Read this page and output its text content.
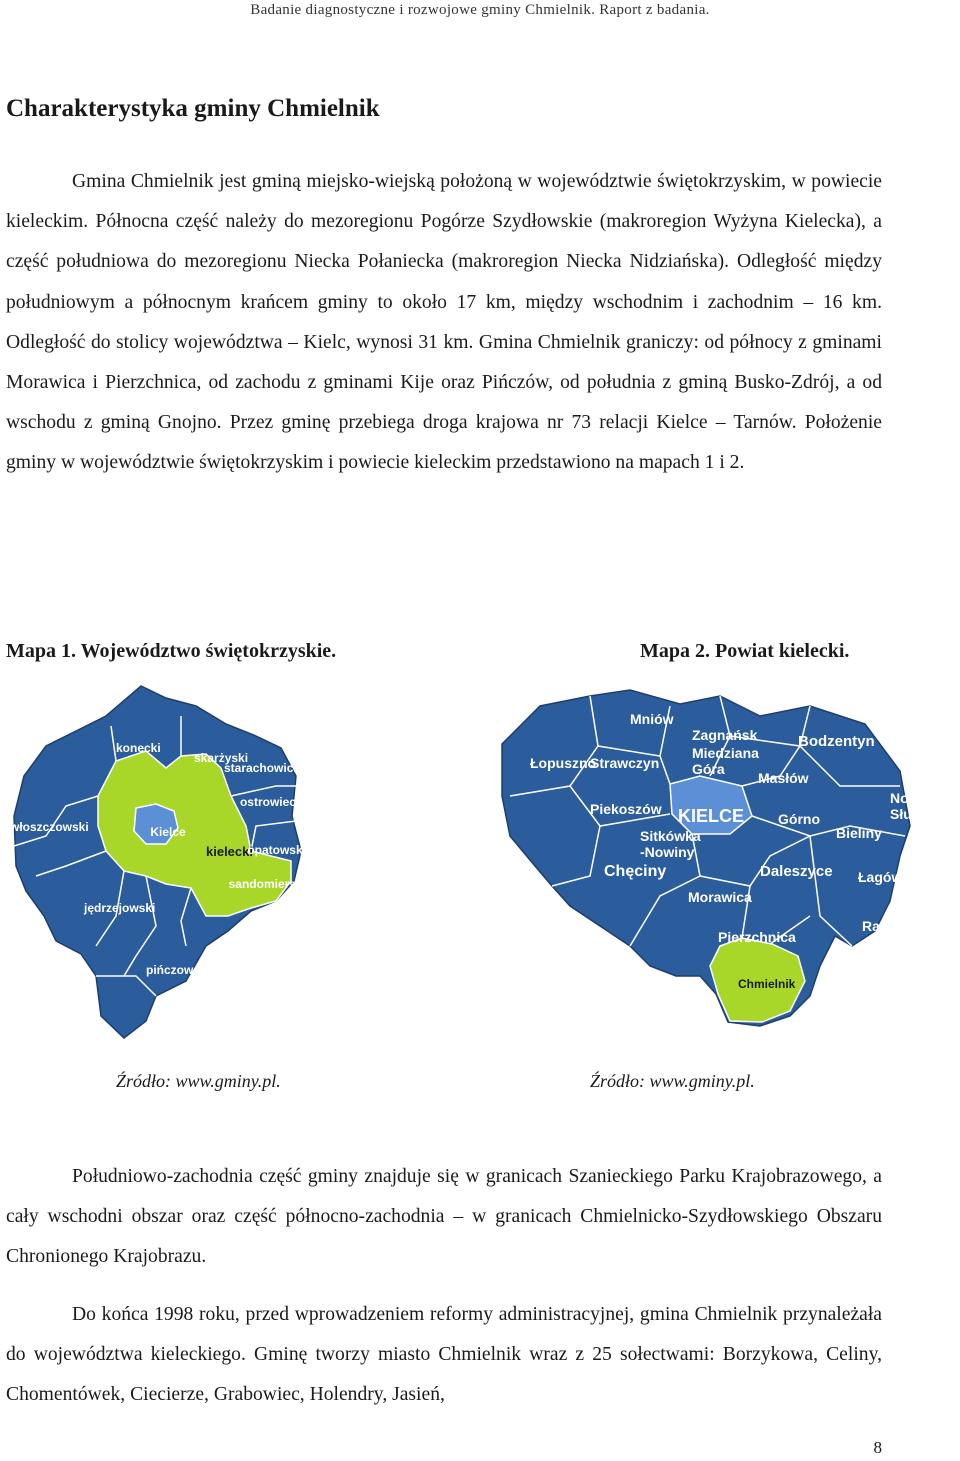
Badanie diagnostyczne i rozwojowe gminy Chmielnik. Raport z badania.
Charakterystyka gminy Chmielnik

Gmina Chmielnik jest gminą miejsko-wiejską położoną w województwie świętokrzyskim, w powiecie kieleckim. Północna część należy do mezoregionu Pogórze Szydłowskie (makroregion Wyżyna Kielecka), a część południowa do mezoregionu Niecka Połaniecka (makroregion Niecka Nidziańska). Odległość między południowym a północnym krańcem gminy to około 17 km, między wschodnim i zachodnim – 16 km. Odległość do stolicy województwa – Kielc, wynosi 31 km. Gmina Chmielnik graniczy: od północy z gminami Morawica i Pierzchnica, od zachodu z gminami Kije oraz Pińczów, od południa z gminą Busko-Zdrój, a od wschodu z gminą Gnojno. Przez gminę przebiega droga krajowa nr 73 relacji Kielce – Tarnów. Położenie gminy w województwie świętokrzyskim i powiecie kieleckim przedstawiono na mapach 1 i 2.

Mapa 1. Województwo świętokrzyskie.	Mapa 2. Powiat kielecki.
konecki
skarżyski
starachowicki
ostrowiecki
włoszczowski	Kielce
kielecki
opatowski
sandomierski
jędrzejowski
staszowski
pińczowski buski
kazimierski
Mniów
Zagnańsk	Bodzentyn
Łopuszno
Strawczyn
Miedziana
Góra
Masłów
Nowa
Słupia
Piekoszów KIELCE Górno
Bieliny
Sitkówka
-Nowiny
Chęciny	Daleszyce Łagów
Morawica
Raków
Pierzchnica
Chmielnik
Źródło: www.gminy.pl.	Źródło: www.gminy.pl.

Południowo-zachodnia część gminy znajduje się w granicach Szanieckiego Parku Krajobrazowego, a cały wschodni obszar oraz część północno-zachodnia – w granicach Chmielnicko-Szydłowskiego Obszaru Chronionego Krajobrazu.

Do końca 1998 roku, przed wprowadzeniem reformy administracyjnej, gmina Chmielnik przynależała do województwa kieleckiego. Gminę tworzy miasto Chmielnik wraz z 25 sołectwami: Borzykowa, Celiny, Chomentówek, Ciecierze, Grabowiec, Holendry, Jasień,

8
